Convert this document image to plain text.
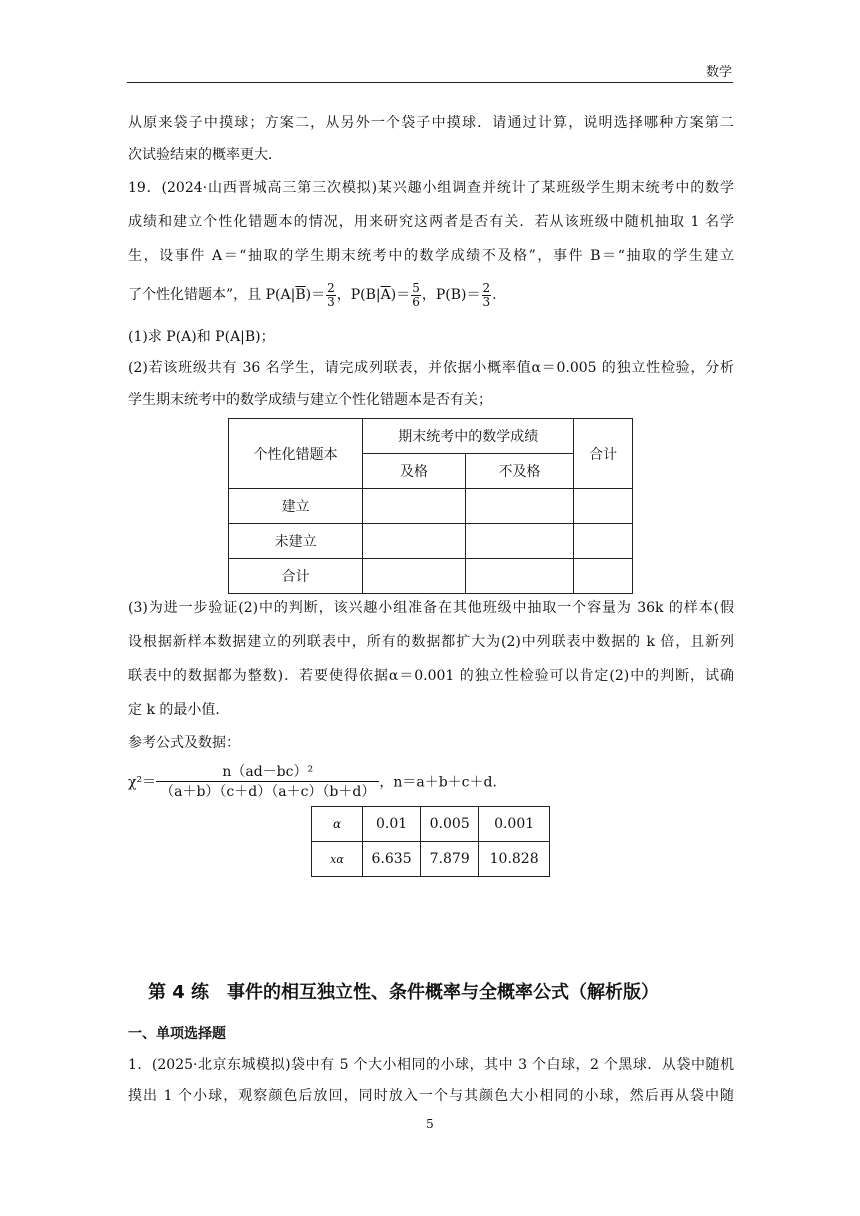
数学
从原来袋子中摸球；方案二，从另外一个袋子中摸球．请通过计算，说明选择哪种方案第二
次试验结束的概率更大．
19．(2024·山西晋城高三第三次模拟)某兴趣小组调查并统计了某班级学生期末统考中的数学
成绩和建立个性化错题本的情况，用来研究这两者是否有关．若从该班级中随机抽取 1 名学
生，设事件 A＝“抽取的学生期末统考中的数学成绩不及格”，事件 B＝“抽取的学生建立
了个性化错题本”，且 $P(A|\overline{B})= \frac{2}{3}$ ，$P(B|\overline{A})= \frac{5}{6}$ ，$P(B)= \frac{2}{3}$ .
(1)求 P(A)和 P(A|B)；
(2)若该班级共有 36 名学生，请完成列联表，并依据小概率值α＝0.005 的独立性检验，分析
学生期末统考中的数学成绩与建立个性化错题本是否有关；
个性化错题本	期末统考中的数学成绩		合计
	及格	不及格	
建立			
未建立			
合计			
(3)为进一步验证(2)中的判断，该兴趣小组准备在其他班级中抽取一个容量为 36k 的样本(假
设根据新样本数据建立的列联表中，所有的数据都扩大为(2)中列联表中数据的 k 倍，且新列
联表中的数据都为整数)．若要使得依据α＝0.001 的独立性检验可以肯定(2)中的判断，试确
定 k 的最小值．
参考公式及数据：
$\chi^2= \frac{\text{n（ad－bc）²}}{(a+b)(c+d)(a+c)(b+d)}$ ，n＝a＋b＋c＋d.
α	0.01	0.005	0.001
xα	6.635	7.879	10.828
第 4 练　事件的相互独立性、条件概率与全概率公式（解析版）
一、单项选择题
1．(2025·北京东城模拟)袋中有 5 个大小相同的小球，其中 3 个白球，2 个黑球．从袋中随机
摸出 1 个小球，观察颜色后放回，同时放入一个与其颜色大小相同的小球，然后再从袋中随
5
